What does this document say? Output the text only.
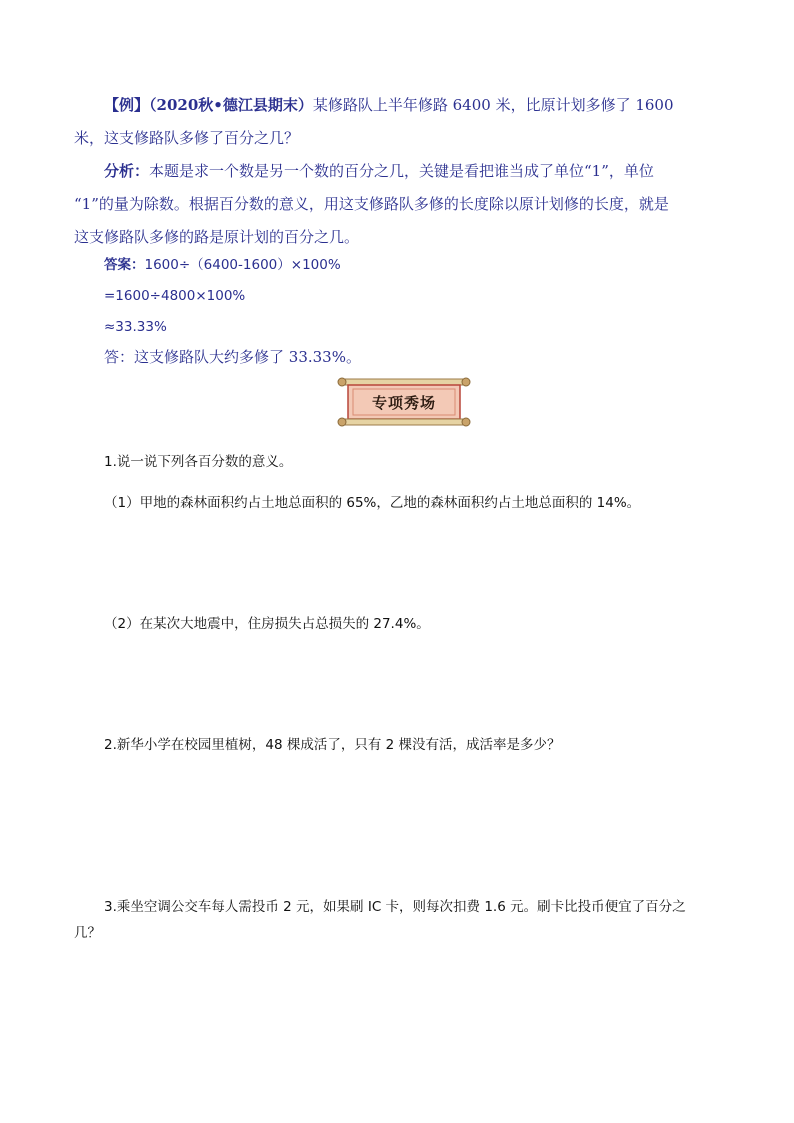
【例】（2020秋•德江县期末）某修路队上半年修路 6400 米，比原计划多修了 1600
米，这支修路队多修了百分之几？
分析：本题是求一个数是另一个数的百分之几，关键是看把谁当成了单位“1”，单位
“1”的量为除数。根据百分数的意义，用这支修路队多修的长度除以原计划修的长度，就是
这支修路队多修的路是原计划的百分之几。
答案：1600÷（6400-1600）×100%
=1600÷4800×100%
≈33.33%
答：这支修路队大约多修了 33.33%。
专项秀场
1.说一说下列各百分数的意义。
（1）甲地的森林面积约占土地总面积的 65%，乙地的森林面积约占土地总面积的 14%。
（2）在某次大地震中，住房损失占总损失的 27.4%。
2.新华小学在校园里植树，48 棵成活了，只有 2 棵没有活，成活率是多少？
3.乘坐空调公交车每人需投币 2 元，如果刷 IC 卡，则每次扣费 1.6 元。刷卡比投币便宜了百分之
几？
